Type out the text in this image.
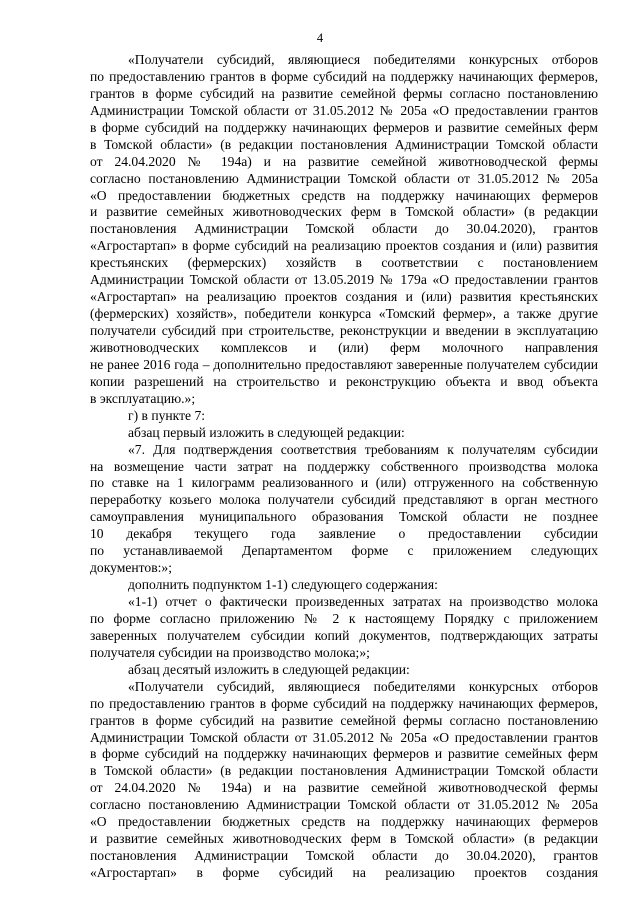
4
«Получатели субсидий, являющиеся победителями конкурсных отборов
по предоставлению грантов в форме субсидий на поддержку начинающих фермеров,
грантов в форме субсидий на развитие семейной фермы согласно постановлению
Администрации Томской области от 31.05.2012 № 205а «О предоставлении грантов
в форме субсидий на поддержку начинающих фермеров и развитие семейных ферм
в Томской области» (в редакции постановления Администрации Томской области
от 24.04.2020 № 194а) и на развитие семейной животноводческой фермы
согласно постановлению Администрации Томской области от 31.05.2012 № 205а
«О предоставлении бюджетных средств на поддержку начинающих фермеров
и развитие семейных животноводческих ферм в Томской области» (в редакции
постановления Администрации Томской области до 30.04.2020), грантов
«Агростартап» в форме субсидий на реализацию проектов создания и (или) развития
крестьянских (фермерских) хозяйств в соответствии с постановлением
Администрации Томской области от 13.05.2019 № 179а «О предоставлении грантов
«Агростартап» на реализацию проектов создания и (или) развития крестьянских
(фермерских) хозяйств», победители конкурса «Томский фермер», а также другие
получатели субсидий при строительстве, реконструкции и введении в эксплуатацию
животноводческих комплексов и (или) ферм молочного направления
не ранее 2016 года – дополнительно предоставляют заверенные получателем субсидии
копии разрешений на строительство и реконструкцию объекта и ввод объекта
в эксплуатацию.»;
г) в пункте 7:
абзац первый изложить в следующей редакции:
«7. Для подтверждения соответствия требованиям к получателям субсидии
на возмещение части затрат на поддержку собственного производства молока
по ставке на 1 килограмм реализованного и (или) отгруженного на собственную
переработку козьего молока получатели субсидий представляют в орган местного
самоуправления муниципального образования Томской области не позднее
10 декабря текущего года заявление о предоставлении субсидии
по устанавливаемой Департаментом форме с приложением следующих
документов:»;
дополнить подпунктом 1-1) следующего содержания:
«1-1) отчет о фактически произведенных затратах на производство молока
по форме согласно приложению № 2 к настоящему Порядку с приложением
заверенных получателем субсидии копий документов, подтверждающих затраты
получателя субсидии на производство молока;»;
абзац десятый изложить в следующей редакции:
«Получатели субсидий, являющиеся победителями конкурсных отборов
по предоставлению грантов в форме субсидий на поддержку начинающих фермеров,
грантов в форме субсидий на развитие семейной фермы согласно постановлению
Администрации Томской области от 31.05.2012 № 205а «О предоставлении грантов
в форме субсидий на поддержку начинающих фермеров и развитие семейных ферм
в Томской области» (в редакции постановления Администрации Томской области
от 24.04.2020 № 194а) и на развитие семейной животноводческой фермы
согласно постановлению Администрации Томской области от 31.05.2012 № 205а
«О предоставлении бюджетных средств на поддержку начинающих фермеров
и развитие семейных животноводческих ферм в Томской области» (в редакции
постановления Администрации Томской области до 30.04.2020), грантов
«Агростартап» в форме субсидий на реализацию проектов создания
